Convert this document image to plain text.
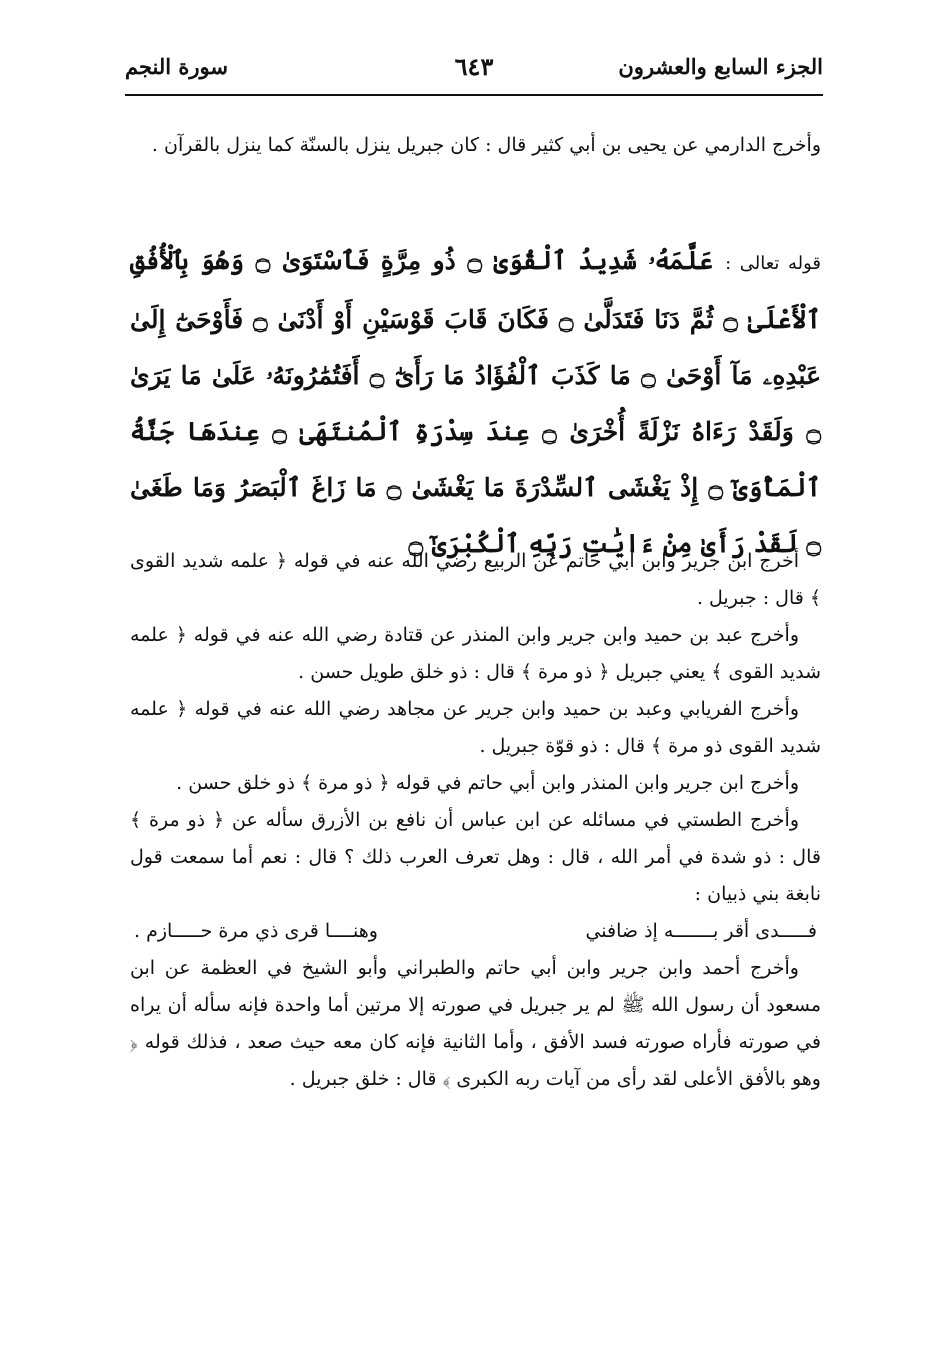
الجزء السابع والعشرون
٦٤٣
سورة النجم
وأخرج الدارمي عن يحيى بن أبي كثير قال : كان جبريل ينزل بالسنّة كما ينزل بالقرآن .
قوله تعالى :عَلَّمَهُۥ شَدِيدُ ٱلْقُوَىٰ ۝ ذُو مِرَّةٍ فَٱسْتَوَىٰ ۝ وَهُوَ بِٱلْأُفُقِ ٱلْأَعْلَىٰ ۝ ثُمَّ دَنَا فَتَدَلَّىٰ ۝ فَكَانَ قَابَ قَوْسَيْنِ أَوْ أَدْنَىٰ ۝ فَأَوْحَىٰٓ إِلَىٰ عَبْدِهِۦ مَآ أَوْحَىٰ ۝ مَا كَذَبَ ٱلْفُؤَادُ مَا رَأَىٰٓ ۝ أَفَتُمَٰرُونَهُۥ عَلَىٰ مَا يَرَىٰ ۝ وَلَقَدْ رَءَاهُ نَزْلَةً أُخْرَىٰ ۝ عِندَ سِدْرَةِ ٱلْمُنتَهَىٰ ۝ عِندَهَا جَنَّةُ ٱلْمَأْوَىٰٓ ۝ إِذْ يَغْشَى ٱلسِّدْرَةَ مَا يَغْشَىٰ ۝ مَا زَاغَ ٱلْبَصَرُ وَمَا طَغَىٰ ۝ لَقَدْ رَأَىٰ مِنْ ءَايَٰتِ رَبِّهِ ٱلْكُبْرَىٰٓ ۝
أخرج ابن جرير وابن أبي حاتم عن الربيع رضي الله عنه في قوله ﴿ علمه شديد القوى ﴾ قال : جبريل .
وأخرج عبد بن حميد وابن جرير وابن المنذر عن قتادة رضي الله عنه في قوله ﴿ علمه شديد القوى ﴾ يعني جبريل ﴿ ذو مرة ﴾ قال : ذو خلق طويل حسن .
وأخرج الفريابي وعبد بن حميد وابن جرير عن مجاهد رضي الله عنه في قوله ﴿ علمه شديد القوى ذو مرة ﴾ قال : ذو قوّة جبريل .
وأخرج ابن جرير وابن المنذر وابن أبي حاتم في قوله ﴿ ذو مرة ﴾ ذو خلق حسن .
وأخرج الطستي في مسائله عن ابن عباس أن نافع بن الأزرق سأله عن ﴿ ذو مرة ﴾ قال : ذو شدة في أمر الله ، قال : وهل تعرف العرب ذلك ؟ قال : نعم أما سمعت قول نابغة بني ذبيان :
فـــــدى أقر بـــــــه إذ ضافني
وهنــــا قرى ذي مرة حـــــازم .
وأخرج أحمد وابن جرير وابن أبي حاتم والطبراني وأبو الشيخ في العظمة عن ابن مسعود أن رسول الله ﷺ لم ير جبريل في صورته إلا مرتين أما واحدة فإنه سأله أن يراه في صورته فأراه صورته فسد الأفق ، وأما الثانية فإنه كان معه حيث صعد ، فذلك قوله ﴿ وهو بالأفق الأعلى لقد رأى من آيات ربه الكبرى ﴾ قال : خلق جبريل .
